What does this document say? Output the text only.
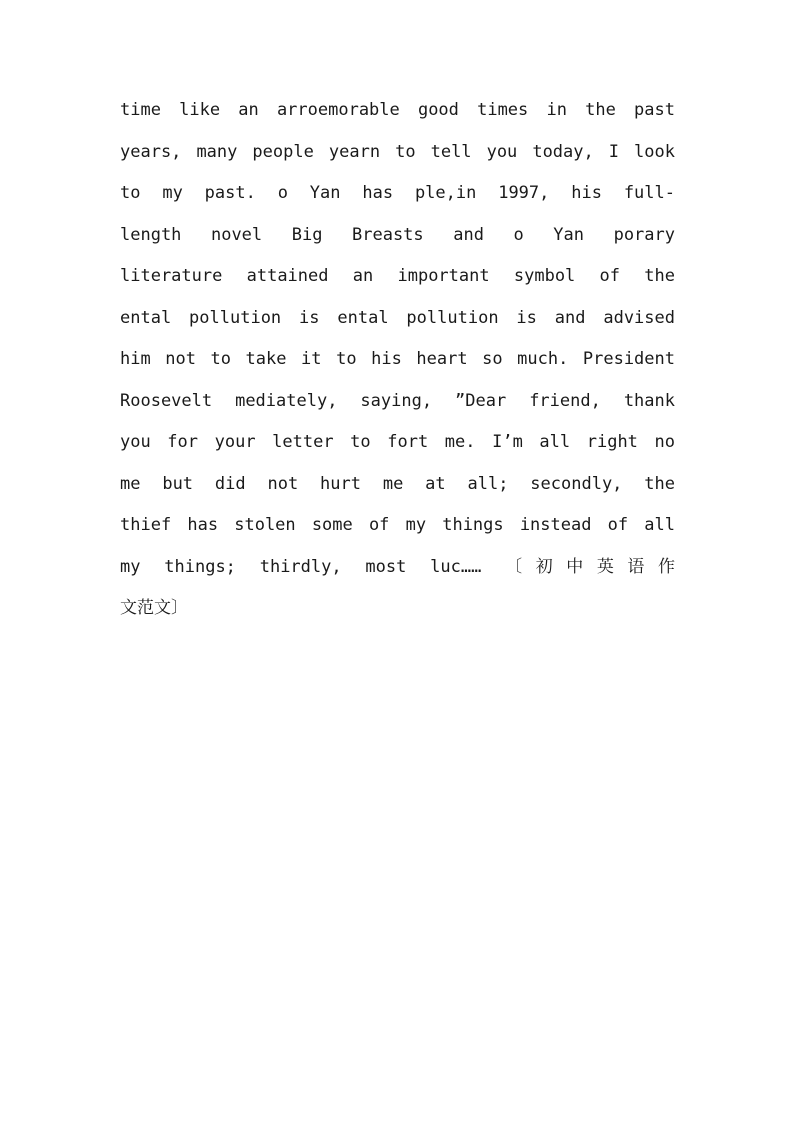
time like an arroemorable good times in the past
years, many people yearn to tell you today, I look
to my past. o Yan has ple,in 1997, his full-
length novel Big Breasts and o Yan porary
literature attained an important symbol of the
ental pollution is ental pollution is and advised
him not to take it to his heart so much. President
Roosevelt mediately, saying, ”Dear friend, thank
you for your letter to fort me. I’m all right no
me but did not hurt me at all; secondly, the
thief has stolen some of my things instead of all
my things; thirdly, most luc…… 〔初中英语作
文范文〕
